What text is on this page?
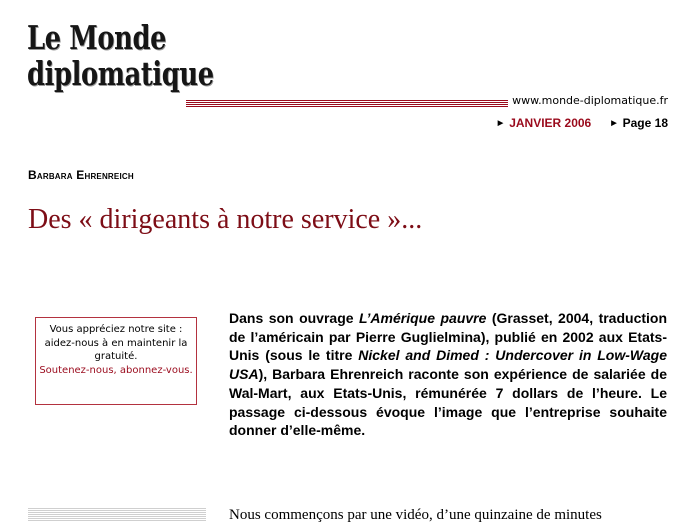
Le Monde
diplomatique
www.monde-diplomatique.fr
▶ JANVIER 2006	▶ Page 18
Barbara Ehrenreich
Des « dirigeants à notre service »...
Vous appréciez notre site : aidez-nous à en maintenir la gratuité.
Soutenez-nous, abonnez-vous.

Dans son ouvrage L’Amérique pauvre (Grasset, 2004, traduction de l’américain par Pierre Guglielmina), publié en 2002 aux Etats-Unis (sous le titre Nickel and Dimed : Undercover in Low-Wage USA), Barbara Ehrenreich raconte son expérience de salariée de Wal-Mart, aux Etats-Unis, rémunérée 7 dollars de l’heure. Le passage ci-dessous évoque l’image que l’entreprise souhaite donner d’elle-même.

Nous commençons par une vidéo, d’une quinzaine de minutes
